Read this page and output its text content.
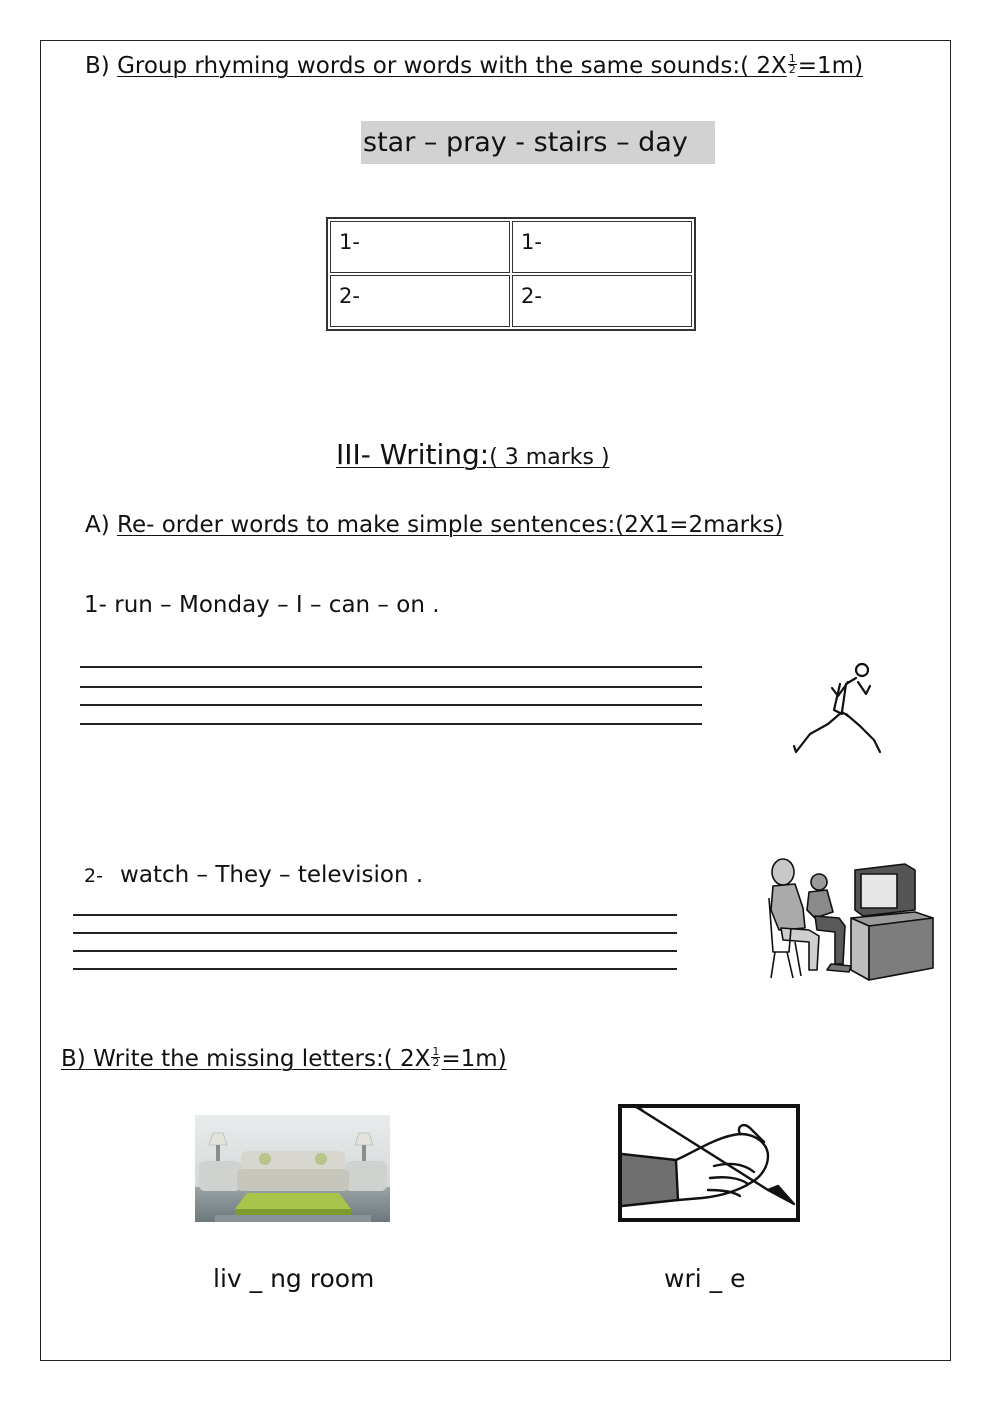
B) Group rhyming words or words with the same sounds:( $2X \frac{1}{2} =1m$)
star – pray - stairs – day
1-	1-
2-	2-
III- Writing:( 3 marks )
A) Re- order words to make simple sentences:(2X1=2marks)
1- run – Monday – I – can – on .
2- watch – They – television .
B) Write the missing letters:( $2X \frac{1}{2} =1m$)
liv _ ng room	wri _ e
